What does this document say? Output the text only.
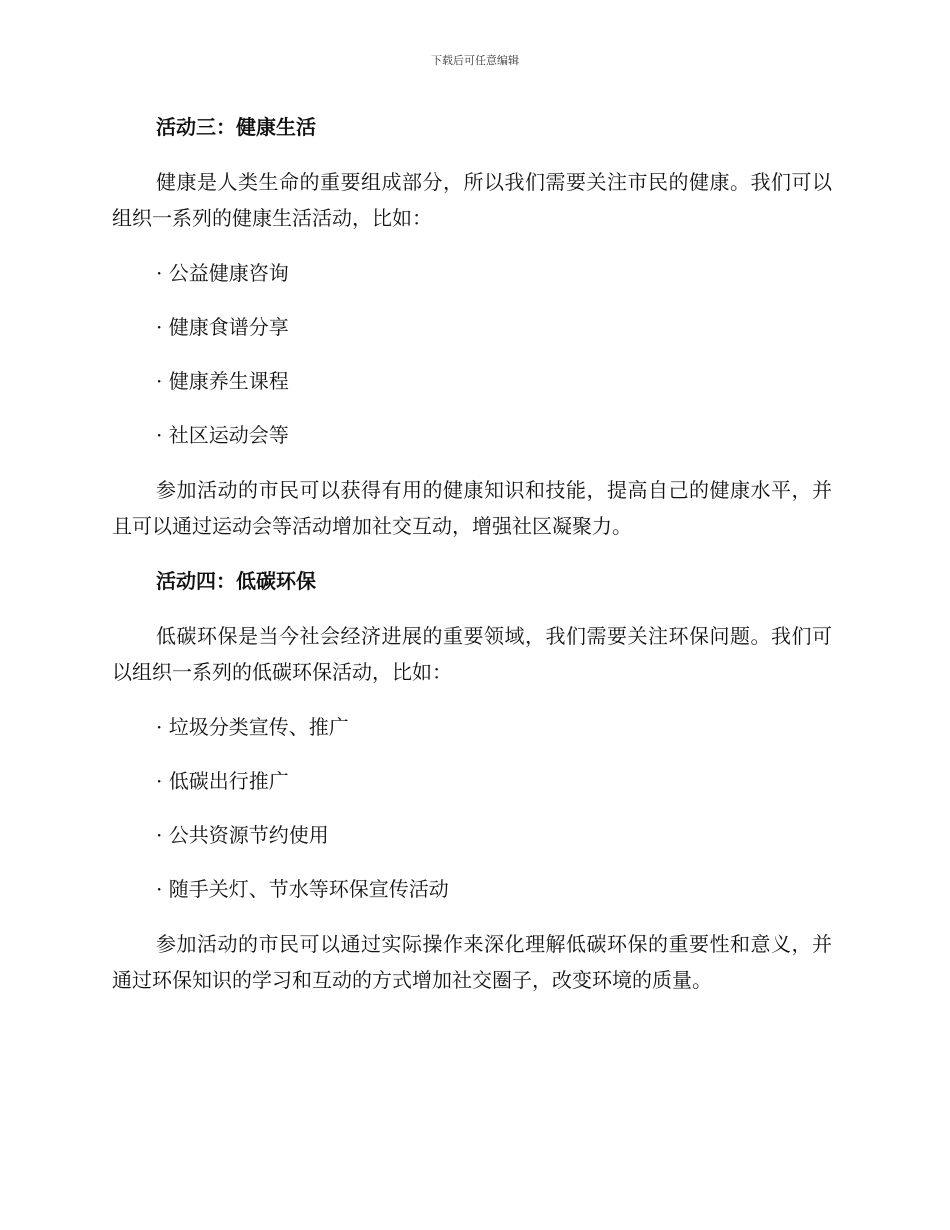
下载后可任意编辑
活动三：健康生活

健康是人类生命的重要组成部分，所以我们需要关注市民的健康。我们可以组织一系列的健康生活活动，比如：

· 公益健康咨询
· 健康食谱分享
· 健康养生课程
· 社区运动会等

参加活动的市民可以获得有用的健康知识和技能，提高自己的健康水平，并且可以通过运动会等活动增加社交互动，增强社区凝聚力。

活动四：低碳环保

低碳环保是当今社会经济进展的重要领域，我们需要关注环保问题。我们可以组织一系列的低碳环保活动，比如：

· 垃圾分类宣传、推广
· 低碳出行推广
· 公共资源节约使用
· 随手关灯、节水等环保宣传活动

参加活动的市民可以通过实际操作来深化理解低碳环保的重要性和意义，并通过环保知识的学习和互动的方式增加社交圈子，改变环境的质量。
